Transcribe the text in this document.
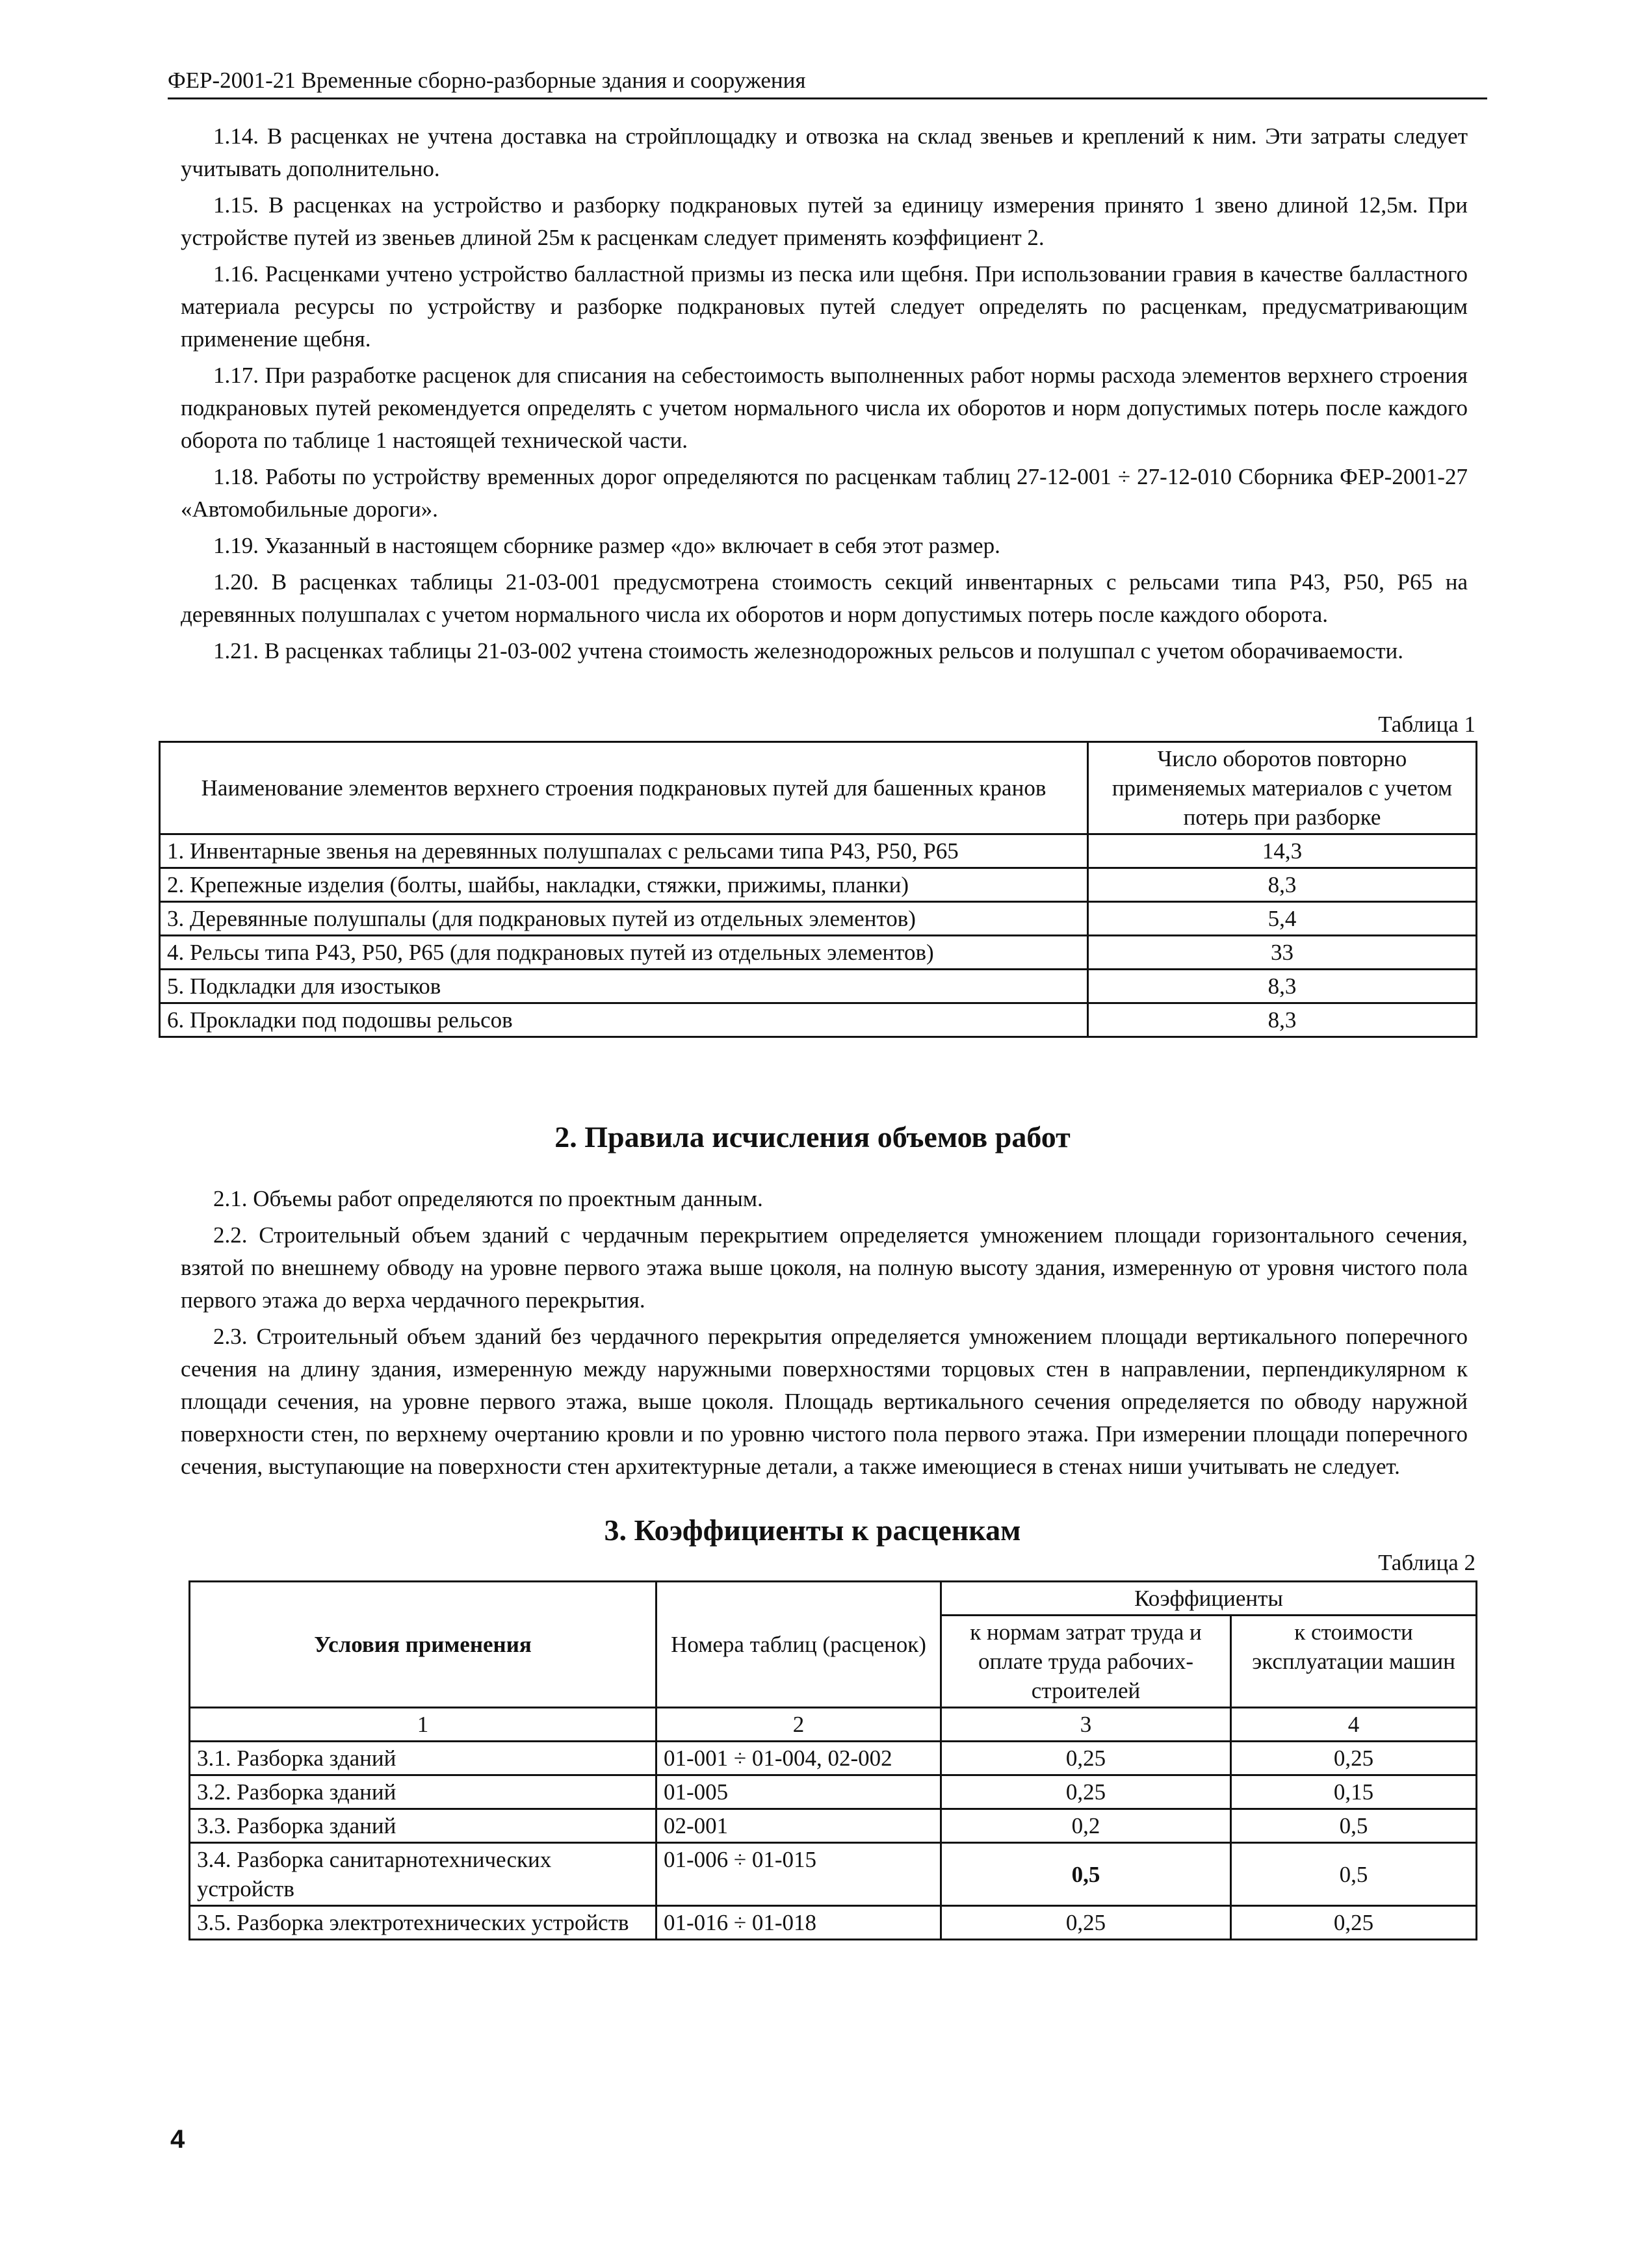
ФЕР-2001-21 Временные сборно-разборные здания и сооружения

1.14. В расценках не учтена доставка на стройплощадку и отвозка на склад звеньев и креплений к ним. Эти затраты следует учитывать дополнительно.

1.15. В расценках на устройство и разборку подкрановых путей за единицу измерения принято 1 звено длиной 12,5м. При устройстве путей из звеньев длиной 25м к расценкам следует применять коэффициент 2.

1.16. Расценками учтено устройство балластной призмы из песка или щебня. При использовании гравия в качестве балластного материала ресурсы по устройству и разборке подкрановых путей следует определять по расценкам, предусматривающим применение щебня.

1.17. При разработке расценок для списания на себестоимость выполненных работ нормы расхода элементов верхнего строения подкрановых путей рекомендуется определять с учетом нормального числа их оборотов и норм допустимых потерь после каждого оборота по таблице 1 настоящей технической части.

1.18. Работы по устройству временных дорог определяются по расценкам таблиц 27-12-001 ÷ 27-12-010 Сборника ФЕР-2001-27 «Автомобильные дороги».

1.19. Указанный в настоящем сборнике размер «до» включает в себя этот размер.

1.20. В расценках таблицы 21-03-001 предусмотрена стоимость секций инвентарных с рельсами типа Р43, Р50, Р65 на деревянных полушпалах с учетом нормального числа их оборотов и норм допустимых потерь после каждого оборота.

1.21. В расценках таблицы 21-03-002 учтена стоимость железнодорожных рельсов и полушпал с учетом оборачиваемости.

Таблица 1
Наименование элементов верхнего строения подкрановых путей для башенных кранов	Число оборотов повторно применяемых материалов с учетом потерь при разборке
1. Инвентарные звенья на деревянных полушпалах с рельсами типа Р43, Р50, Р65	14,3
2. Крепежные изделия (болты, шайбы, накладки, стяжки, прижимы, планки)	8,3
3. Деревянные полушпалы (для подкрановых путей из отдельных элементов)	5,4
4. Рельсы типа Р43, Р50, Р65 (для подкрановых путей из отдельных элементов)	33
5. Подкладки для изостыков	8,3
6. Прокладки под подошвы рельсов	8,3
2. Правила исчисления объемов работ

2.1. Объемы работ определяются по проектным данным.

2.2. Строительный объем зданий с чердачным перекрытием определяется умножением площади горизонтального сечения, взятой по внешнему обводу на уровне первого этажа выше цоколя, на полную высоту здания, измеренную от уровня чистого пола первого этажа до верха чердачного перекрытия.

2.3. Строительный объем зданий без чердачного перекрытия определяется умножением площади вертикального поперечного сечения на длину здания, измеренную между наружными поверхностями торцовых стен в направлении, перпендикулярном к площади сечения, на уровне первого этажа, выше цоколя. Площадь вертикального сечения определяется по обводу наружной поверхности стен, по верхнему очертанию кровли и по уровню чистого пола первого этажа. При измерении площади поперечного сечения, выступающие на поверхности стен архитектурные детали, а также имеющиеся в стенах ниши учитывать не следует.

3. Коэффициенты к расценкам
Таблица 2
Условия применения	Номера таблиц (расценок)	Коэффициенты	
		к нормам затрат труда и оплате труда рабочих-строителей	к стоимости эксплуатации машин
1	2	3	4
3.1. Разборка зданий	01-001 ÷ 01-004, 02-002	0,25	0,25
3.2. Разборка зданий	01-005	0,25	0,15
3.3. Разборка зданий	02-001	0,2	0,5
3.4. Разборка санитарнотехнических устройств	01-006 ÷ 01-015	0,5	0,5
3.5. Разборка электротехнических устройств	01-016 ÷ 01-018	0,25	0,25
4
